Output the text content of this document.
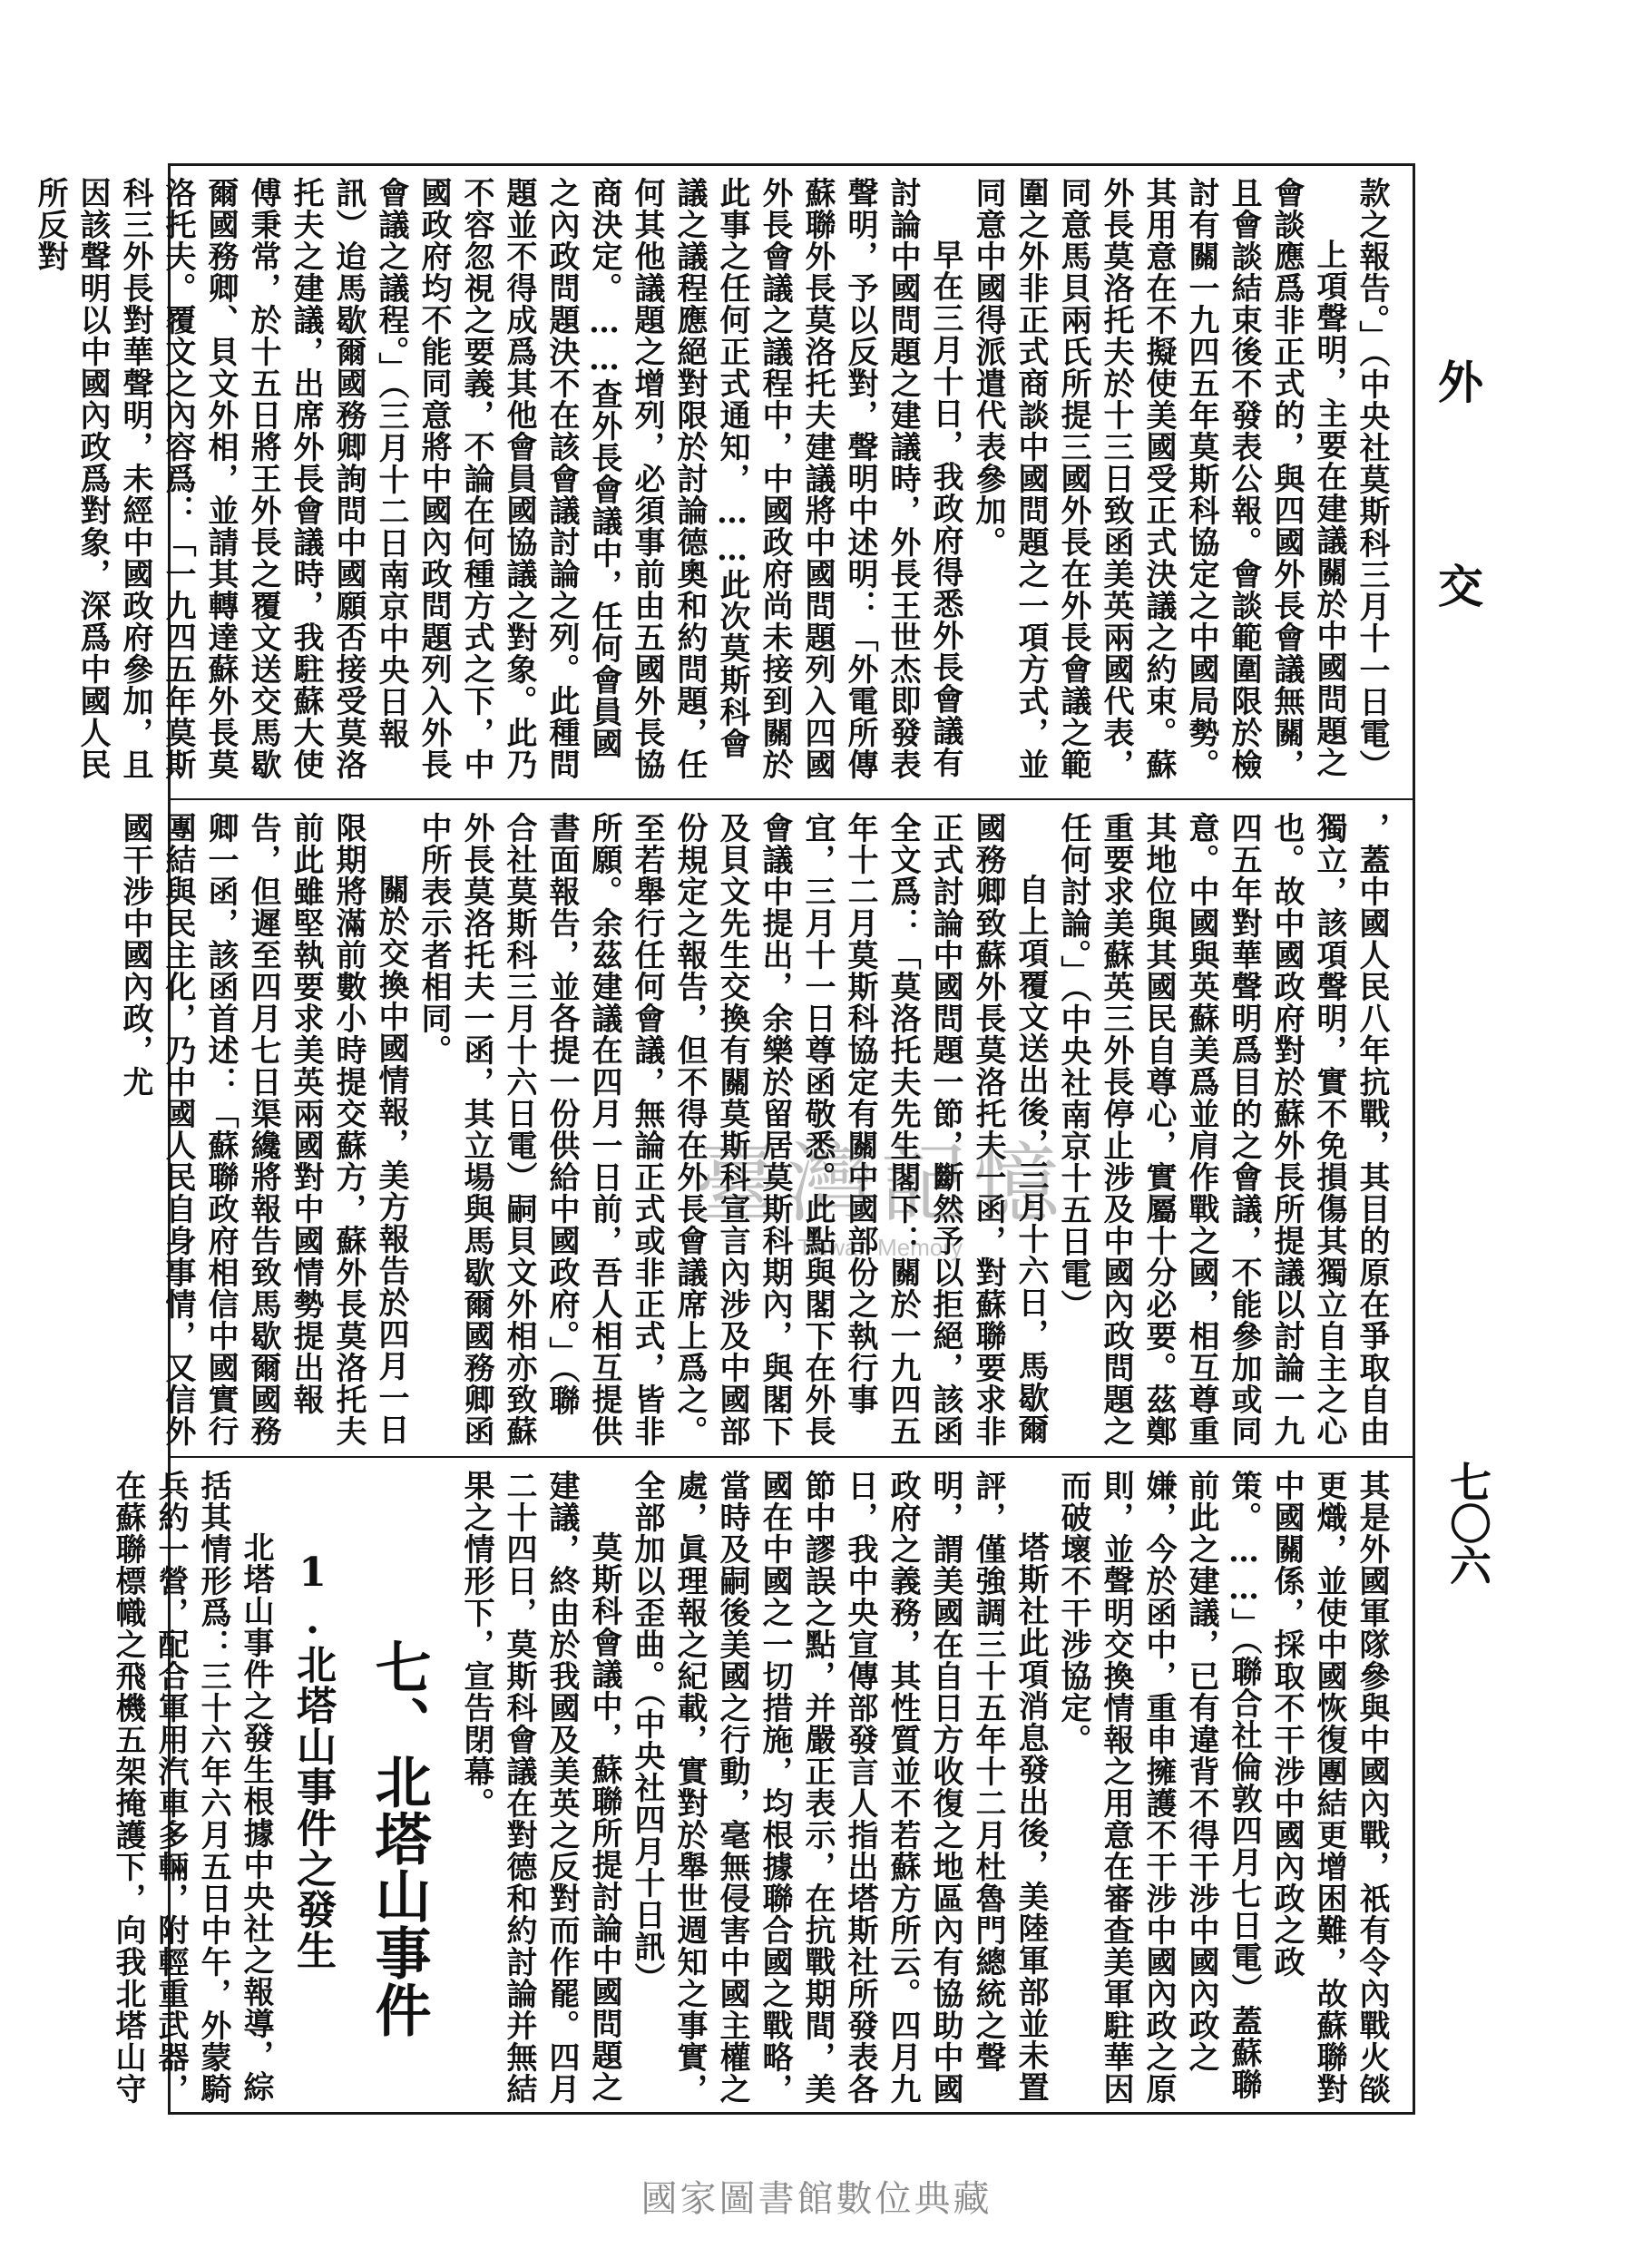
外
交
七〇六

款之報告。」（中央社莫斯科三月十一日電）

上項聲明，主要在建議關於中國問題之會談應爲非正式的，與四國外長會議無關，且會談結束後不發表公報。會談範圍限於檢討有關一九四五年莫斯科協定之中國局勢。其用意在不擬使美國受正式決議之約束。蘇外長莫洛托夫於十三日致函美英兩國代表，同意馬貝兩氏所提三國外長在外長會議之範圍之外非正式商談中國問題之一項方式，並同意中國得派遣代表參加。

早在三月十日，我政府得悉外長會議有討論中國問題之建議時，外長王世杰即發表聲明，予以反對，聲明中述明：「外電所傳蘇聯外長莫洛托夫建議將中國問題列入四國外長會議之議程中，中國政府尚未接到關於此事之任何正式通知，……此次莫斯科會議之議程應絕對限於討論德奧和約問題，任何其他議題之增列，必須事前由五國外長協商決定。……查外長會議中，任何會員國之內政問題決不在該會議討論之列。此種問題並不得成爲其他會員國協議之對象。此乃不容忽視之要義，不論在何種方式之下，中國政府均不能同意將中國內政問題列入外長會議之議程。」（三月十二日南京中央日報訊）迨馬歇爾國務卿詢問中國願否接受莫洛托夫之建議，出席外長會議時，我駐蘇大使傅秉常，於十五日將王外長之覆文送交馬歇爾國務卿、貝文外相，並請其轉達蘇外長莫洛托夫。覆文之內容爲：「一九四五年莫斯科三外長對華聲明，未經中國政府參加，且因該聲明以中國內政爲對象，深爲中國人民所反對

，蓋中國人民八年抗戰，其目的原在爭取自由獨立，該項聲明，實不免損傷其獨立自主之心也。故中國政府對於蘇外長所提議以討論一九四五年對華聲明爲目的之會議，不能參加或同意。中國與英蘇美爲並肩作戰之國，相互尊重其地位與其國民自尊心，實屬十分必要。茲鄭重要求美蘇英三外長停止涉及中國內政問題之任何討論。」（中央社南京十五日電）

自上項覆文送出後，三月十六日，馬歇爾國務卿致蘇外長莫洛托夫一函，對蘇聯要求非正式討論中國問題一節，斷然予以拒絕，該函全文爲：「莫洛托夫先生閣下：關於一九四五年十二月莫斯科協定有關中國部份之執行事宜，三月十一日尊函敬悉。此點與閣下在外長會議中提出，余樂於留居莫斯科期內，與閣下及貝文先生交換有關莫斯科宣言內涉及中國部份規定之報告，但不得在外長會議席上爲之。至若舉行任何會議，無論正式或非正式，皆非所願。余茲建議在四月一日前，吾人相互提供書面報告，並各提一份供給中國政府。」（聯合社莫斯科三月十六日電）嗣貝文外相亦致蘇外長莫洛托夫一函，其立場與馬歇爾國務卿函中所表示者相同。

關於交換中國情報，美方報告於四月一日限期將滿前數小時提交蘇方，蘇外長莫洛托夫前此雖堅執要求美英兩國對中國情勢提出報告，但遲至四月七日渠纔將報告致馬歇爾國務卿一函，該函首述：「蘇聯政府相信中國實行團結與民主化，乃中國人民自身事情，又信外國干涉中國內政，尤

其是外國軍隊參與中國內戰，祇有令內戰火燄更熾，並使中國恢復團結更增困難，故蘇聯對中國關係，採取不干涉中國內政之政策。……」（聯合社倫敦四月七日電）蓋蘇聯前此之建議，已有違背不得干涉中國內政之嫌，今於函中，重申擁護不干涉中國內政之原則，並聲明交換情報之用意在審查美軍駐華因而破壞不干涉協定。

塔斯社此項消息發出後，美陸軍部並未置評，僅強調三十五年十二月杜魯門總統之聲明，謂美國在自日方收復之地區內有協助中國政府之義務，其性質並不若蘇方所云。四月九日，我中央宣傳部發言人指出塔斯社所發表各節中謬誤之點，并嚴正表示，在抗戰期間，美國在中國之一切措施，均根據聯合國之戰略，當時及嗣後美國之行動，毫無侵害中國主權之處，眞理報之紀載，實對於舉世週知之事實，全部加以歪曲。（中央社四月十日訊）

莫斯科會議中，蘇聯所提討論中國問題之建議，終由於我國及美英之反對而作罷。四月二十四日，莫斯科會議在對德和約討論并無結果之情形下，宣告閉幕。

七、北塔山事件

1.北塔山事件之發生

北塔山事件之發生根據中央社之報導，綜括其情形爲：三十六年六月五日中午，外蒙騎兵約一營，配合軍用汽車多輛，附輕重武器，在蘇聯標幟之飛機五架掩護下，向我北塔山守

臺灣記憶
Taiwan Memory
國家圖書館數位典藏
